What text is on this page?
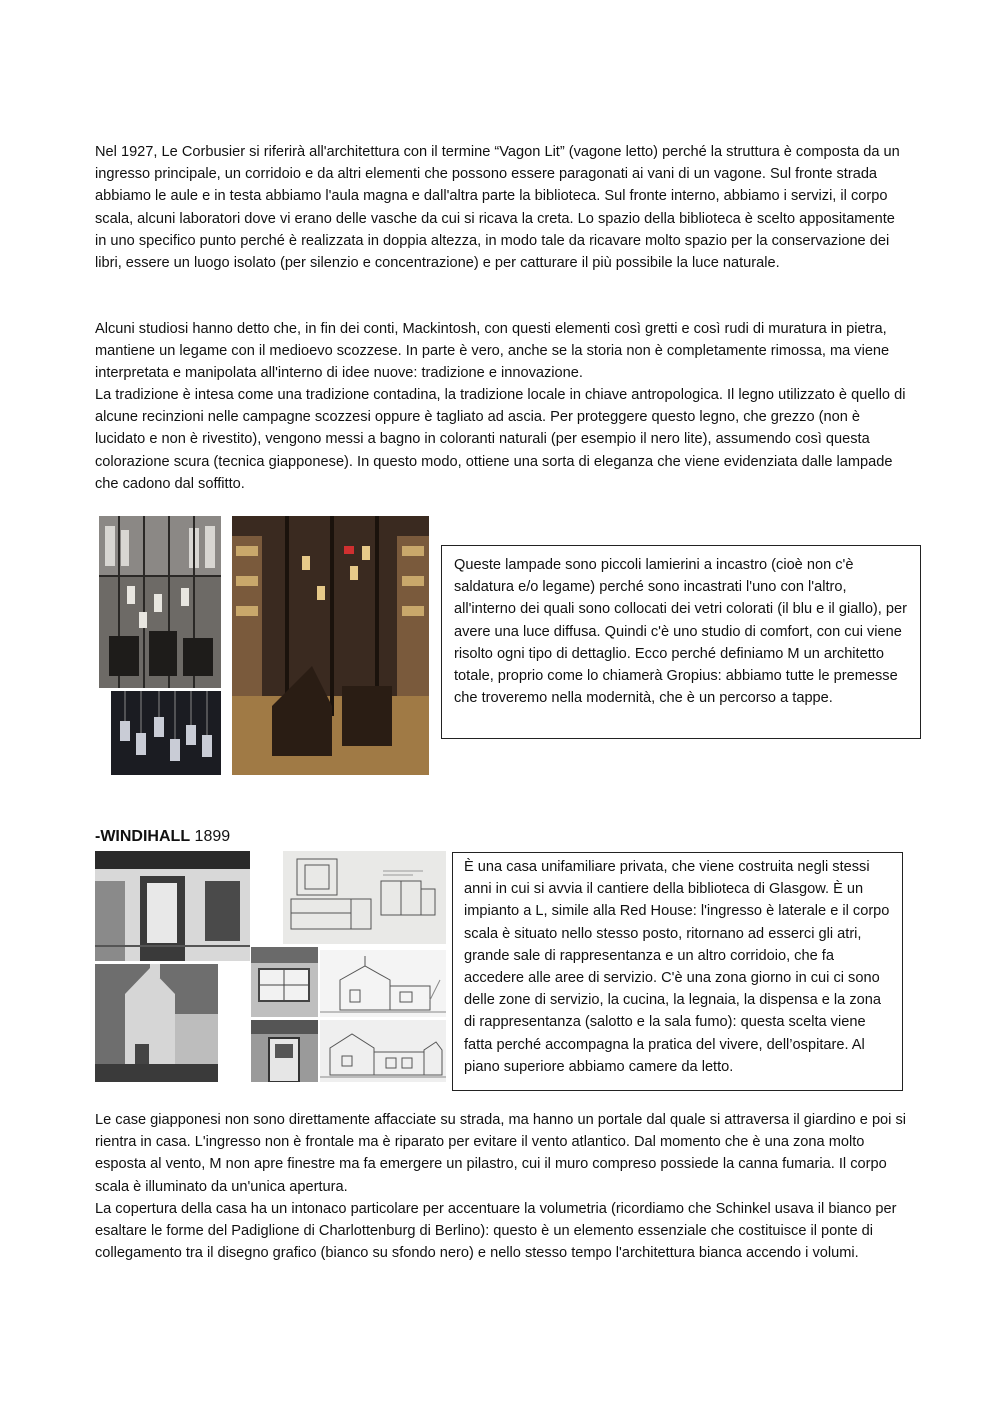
Nel 1927, Le Corbusier si riferirà all'architettura con il termine “Vagon Lit” (vagone letto) perché la struttura è composta da un ingresso principale, un corridoio e da altri elementi che possono essere paragonati ai vani di un vagone. Sul fronte strada abbiamo le aule e in testa abbiamo l'aula magna e dall'altra parte la biblioteca. Sul fronte interno, abbiamo i servizi, il corpo scala, alcuni laboratori dove vi erano delle vasche da cui si ricava la creta. Lo spazio della biblioteca è scelto appositamente in uno specifico punto perché è realizzata in doppia altezza, in modo tale da ricavare molto spazio per la conservazione dei libri, essere un luogo isolato (per silenzio e concentrazione) e per catturare il più possibile la luce naturale.

Alcuni studiosi hanno detto che, in fin dei conti, Mackintosh, con questi elementi così gretti e così rudi di muratura in pietra, mantiene un legame con il medioevo scozzese. In parte è vero, anche se la storia non è completamente rimossa, ma viene interpretata e manipolata all'interno di idee nuove: tradizione e innovazione.

La tradizione è intesa come una tradizione contadina, la tradizione locale in chiave antropologica. Il legno utilizzato è quello di alcune recinzioni nelle campagne scozzesi oppure è tagliato ad ascia. Per proteggere questo legno, che grezzo (non è lucidato e non è rivestito), vengono messi a bagno in coloranti naturali (per esempio il nero lite), assumendo così questa colorazione scura (tecnica giapponese). In questo modo, ottiene una sorta di eleganza che viene evidenziata dalle lampade che cadono dal soffitto.

Queste lampade sono piccoli lamierini a incastro (cioè non c'è saldatura e/o legame) perché sono incastrati l'uno con l'altro, all'interno dei quali sono collocati dei vetri colorati (il blu e il giallo), per avere una luce diffusa. Quindi c'è uno studio di comfort, con cui viene risolto ogni tipo di dettaglio. Ecco perché definiamo M un architetto totale, proprio come lo chiamerà Gropius: abbiamo tutte le premesse che troveremo nella modernità, che è un percorso a tappe.

-WINDIHALL 1899

È una casa unifamiliare privata, che viene costruita negli stessi anni in cui si avvia il cantiere della biblioteca di Glasgow. È un impianto a L, simile alla Red House: l'ingresso è laterale e il corpo scala è situato nello stesso posto, ritornano ad esserci gli atri, grande sale di rappresentanza e un altro corridoio, che fa accedere alle aree di servizio. C'è una zona giorno in cui ci sono delle zone di servizio, la cucina, la legnaia, la dispensa e la zona di rappresentanza (salotto e la sala fumo): questa scelta viene fatta perché accompagna la pratica del vivere, dell’ospitare. Al piano superiore abbiamo camere da letto.

Le case giapponesi non sono direttamente affacciate su strada, ma hanno un portale dal quale si attraversa il giardino e poi si rientra in casa. L'ingresso non è frontale ma è riparato per evitare il vento atlantico. Dal momento che è una zona molto esposta al vento, M non apre finestre ma fa emergere un pilastro, cui il muro compreso possiede la canna fumaria. Il corpo scala è illuminato da un'unica apertura.

La copertura della casa ha un intonaco particolare per accentuare la volumetria (ricordiamo che Schinkel usava il bianco per esaltare le forme del Padiglione di Charlottenburg di Berlino): questo è un elemento essenziale che costituisce il ponte di collegamento tra il disegno grafico (bianco su sfondo nero) e nello stesso tempo l'architettura bianca accendo i volumi.
